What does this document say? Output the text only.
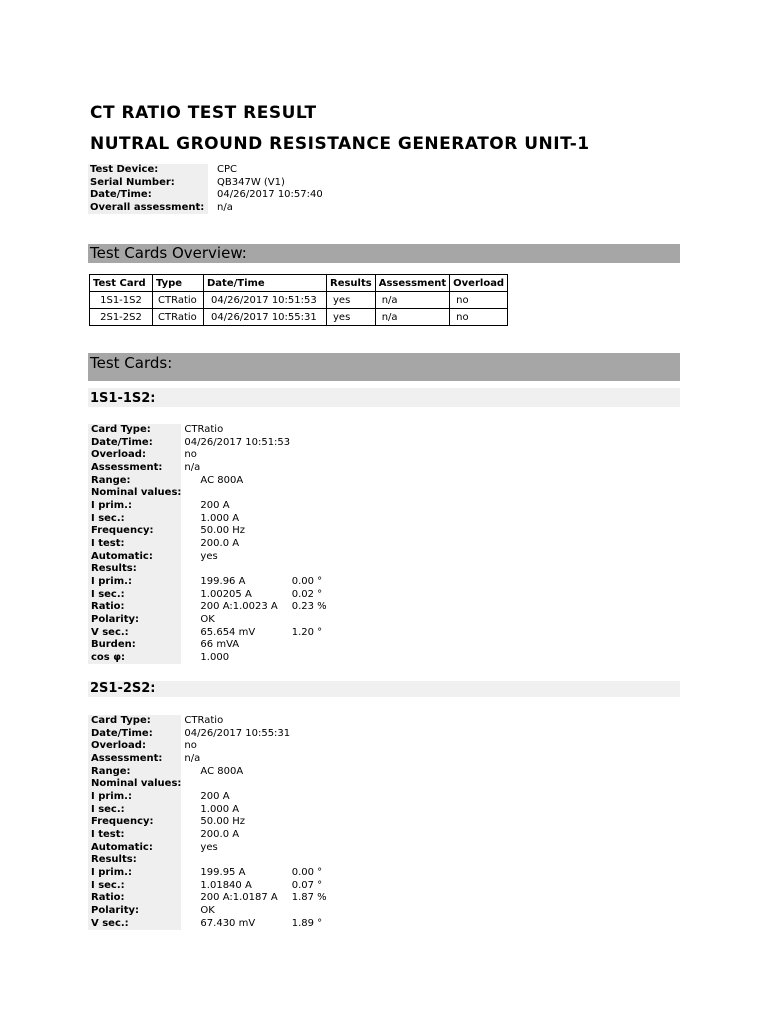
CT RATIO TEST RESULT
NUTRAL GROUND RESISTANCE GENERATOR UNIT-1
Test Device:	CPC
Serial Number:	QB347W (V1)
Date/Time:	04/26/2017 10:57:40
Overall assessment:	n/a
Test Cards Overview:
Test Card	Type	Date/Time	Results	Assessment	Overload
1S1-1S2	CTRatio	04/26/2017 10:51:53	yes	n/a	no
2S1-2S2	CTRatio	04/26/2017 10:55:31	yes	n/a	no
Test Cards:
1S1-1S2:
Card Type:	CTRatio	
Date/Time:	04/26/2017 10:51:53	
Overload:	no	
Assessment:	n/a	
Range:		AC 800A	
Nominal values:		
I prim.:		200 A	
I sec.:		1.000 A	
Frequency:		50.00 Hz	
I test:		200.0 A	
Automatic:		yes	
Results:		
I prim.:		199.96 A	0.00 °
I sec.:		1.00205 A	0.02 °
Ratio:		200 A:1.0023 A	0.23 %
Polarity:		OK	
V sec.:		65.654 mV	1.20 °
Burden:		66 mVA	
cos φ:		1.000	
2S1-2S2:
Card Type:	CTRatio	
Date/Time:	04/26/2017 10:55:31	
Overload:	no	
Assessment:	n/a	
Range:		AC 800A	
Nominal values:		
I prim.:		200 A	
I sec.:		1.000 A	
Frequency:		50.00 Hz	
I test:		200.0 A	
Automatic:		yes	
Results:		
I prim.:		199.95 A	0.00 °
I sec.:		1.01840 A	0.07 °
Ratio:		200 A:1.0187 A	1.87 %
Polarity:		OK	
V sec.:		67.430 mV	1.89 °
